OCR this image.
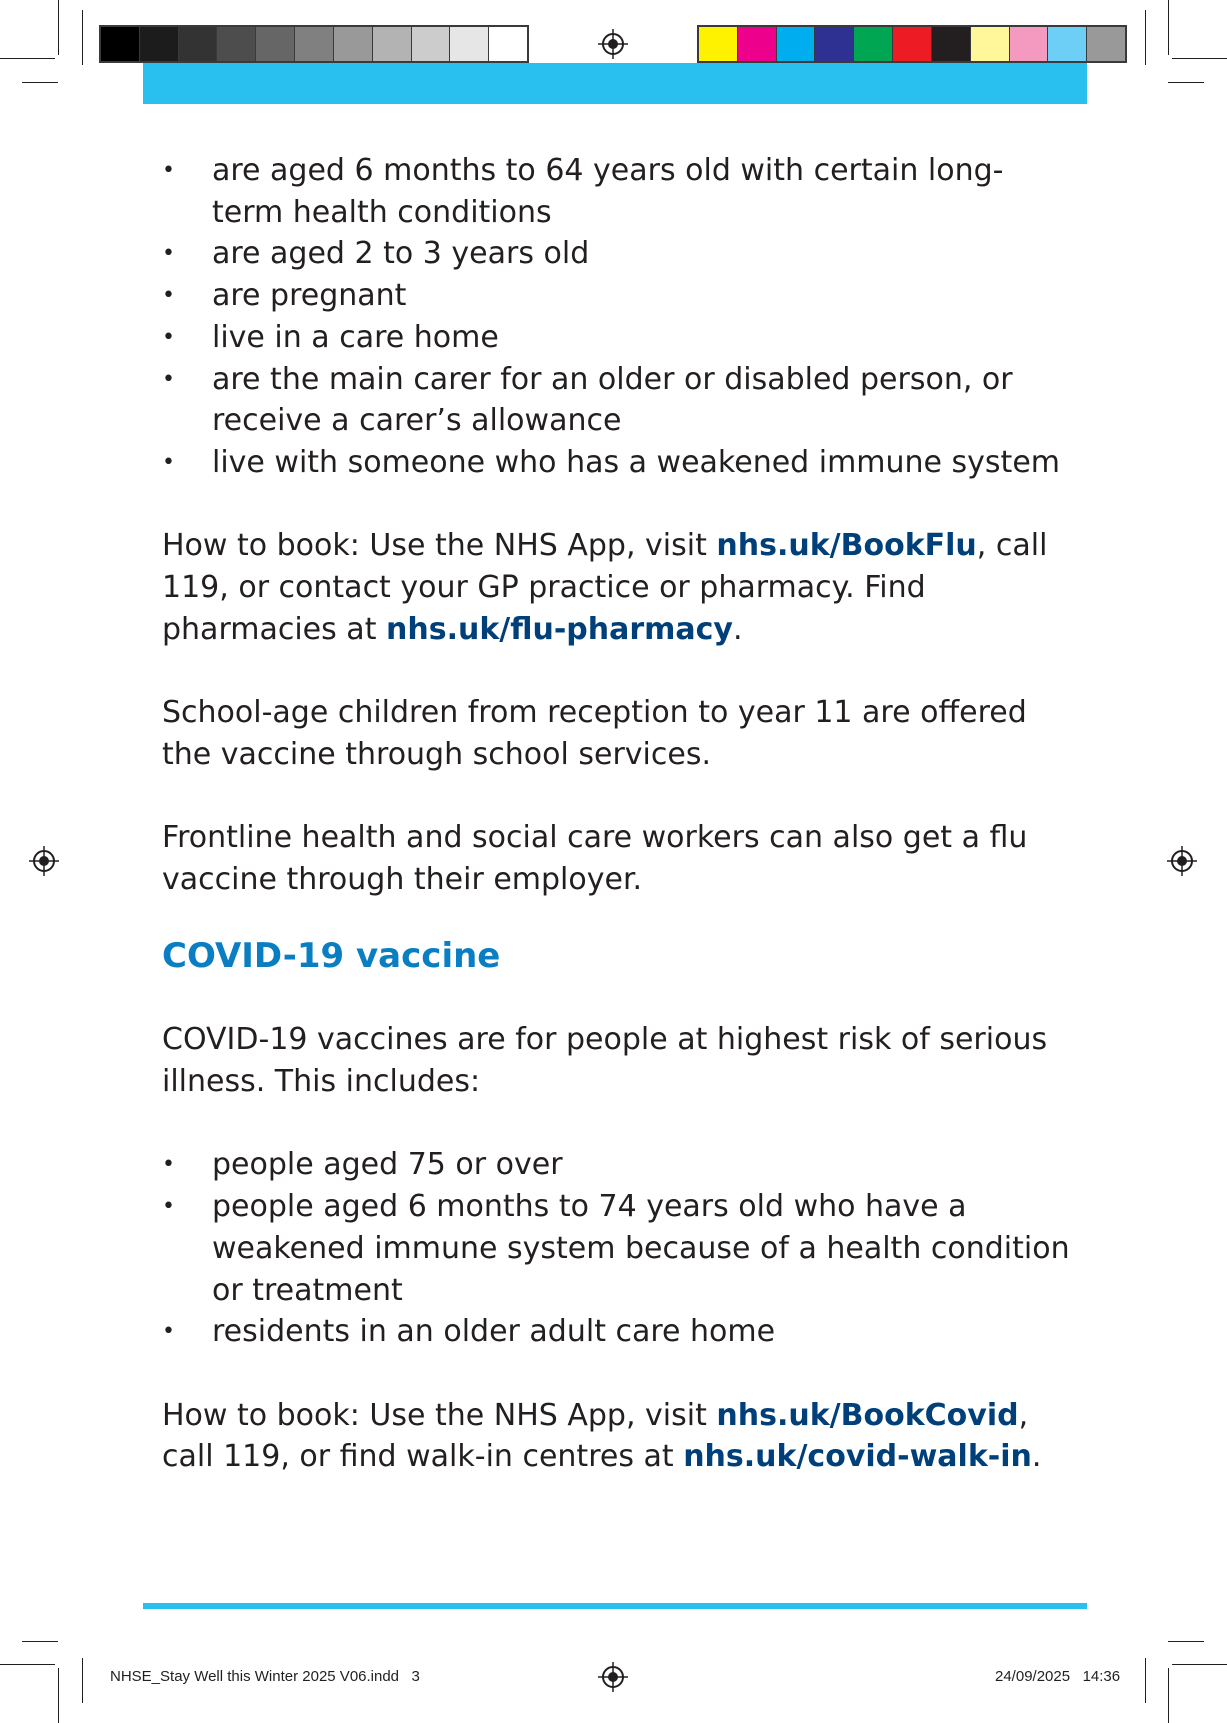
• are aged 6 months to 64 years old with certain long-term health conditions
• are aged 2 to 3 years old
• are pregnant
• live in a care home
• are the main carer for an older or disabled person, or receive a carer’s allowance
• live with someone who has a weakened immune system

How to book: Use the NHS App, visit nhs.uk/BookFlu, call 119, or contact your GP practice or pharmacy. Find pharmacies at nhs.uk/flu-pharmacy.

School-age children from reception to year 11 are offered the vaccine through school services.

Frontline health and social care workers can also get a flu vaccine through their employer.

COVID-19 vaccine

COVID-19 vaccines are for people at highest risk of serious illness. This includes:

• people aged 75 or over
• people aged 6 months to 74 years old who have a weakened immune system because of a health condition or treatment
• residents in an older adult care home

How to book: Use the NHS App, visit nhs.uk/BookCovid, call 119, or find walk-in centres at nhs.uk/covid-walk-in.

NHSE_Stay Well this Winter 2025 V06.indd   3	24/09/2025   14:36
